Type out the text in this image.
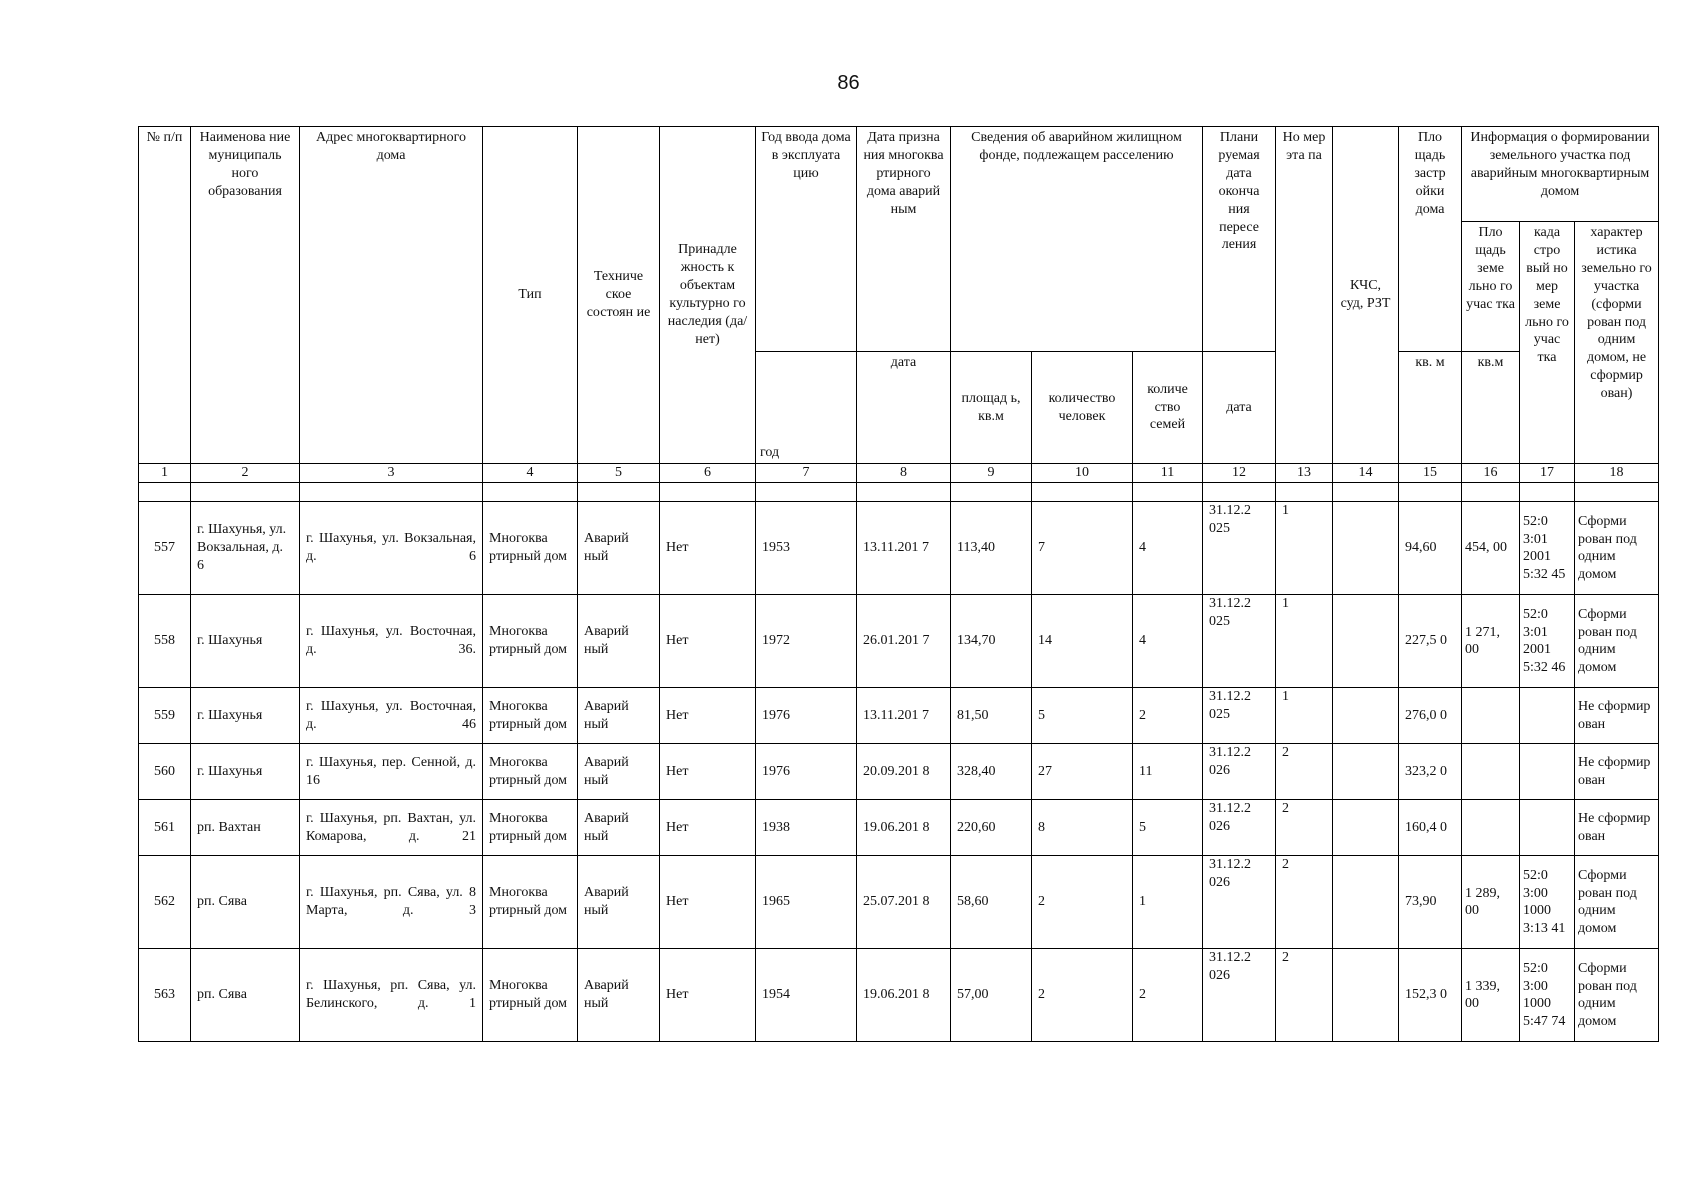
86
№ п/п	Наименова ние муниципаль ного образования	Адрес многоквартирного дома	Тип	Техниче ское состоян ие	Принадле жность к объектам культурно го наследия (да/нет)	Год ввода дома в эксплуата цию	Дата призна ния многоква ртирного дома аварий ным	Сведения об аварийном жилищном фонде, подлежащем расселению			Плани руемая дата оконча ния пересе ления	Но мер эта па	КЧС, суд, РЗТ	Пло щадь застр ойки дома	Информация о формировании земельного участка под аварийным многоквартирным домом		
															Пло щадь земе льно го учас тка	када стро вый но мер земе льно го учас тка	характер истика земельно го участка (сформи рован под одним домом, не сформир ован)
						год	дата	площад ь, кв.м	количество человек	количе ство семей	дата			кв. м	кв.м		
1	2	3	4	5	6	7	8	9	10	11	12	13	14	15	16	17	18

557	г. Шахунья, ул. Вокзальная, д. 6	г. Шахунья, ул. Вокзальная, д. 6	Многоква ртирный дом	Аварий ный	Нет	1953	13.11.201 7	113,40	7	4	31.12.2 025	1		94,60	454, 00	52:0 3:01 2001 5:32 45	Сформи рован под одним домом
558	г. Шахунья	г. Шахунья, ул. Восточная, д. 36.	Многоква ртирный дом	Аварий ный	Нет	1972	26.01.201 7	134,70	14	4	31.12.2 025	1		227,5 0	1 271, 00	52:0 3:01 2001 5:32 46	Сформи рован под одним домом
559	г. Шахунья	г. Шахунья, ул. Восточная, д. 46	Многоква ртирный дом	Аварий ный	Нет	1976	13.11.201 7	81,50	5	2	31.12.2 025	1		276,0 0			Не сформир ован
560	г. Шахунья	г. Шахунья, пер. Сенной, д. 16	Многоква ртирный дом	Аварий ный	Нет	1976	20.09.201 8	328,40	27	11	31.12.2 026	2		323,2 0			Не сформир ован
561	рп. Вахтан	г. Шахунья, рп. Вахтан, ул. Комарова, д. 21	Многоква ртирный дом	Аварий ный	Нет	1938	19.06.201 8	220,60	8	5	31.12.2 026	2		160,4 0			Не сформир ован
562	рп. Сява	г. Шахунья, рп. Сява, ул. 8 Марта, д. 3	Многоква ртирный дом	Аварий ный	Нет	1965	25.07.201 8	58,60	2	1	31.12.2 026	2		73,90	1 289, 00	52:0 3:00 1000 3:13 41	Сформи рован под одним домом
563	рп. Сява	г. Шахунья, рп. Сява, ул. Белинского, д. 1	Многоква ртирный дом	Аварий ный	Нет	1954	19.06.201 8	57,00	2	2	31.12.2 026	2		152,3 0	1 339, 00	52:0 3:00 1000 5:47 74	Сформи рован под одним домом
